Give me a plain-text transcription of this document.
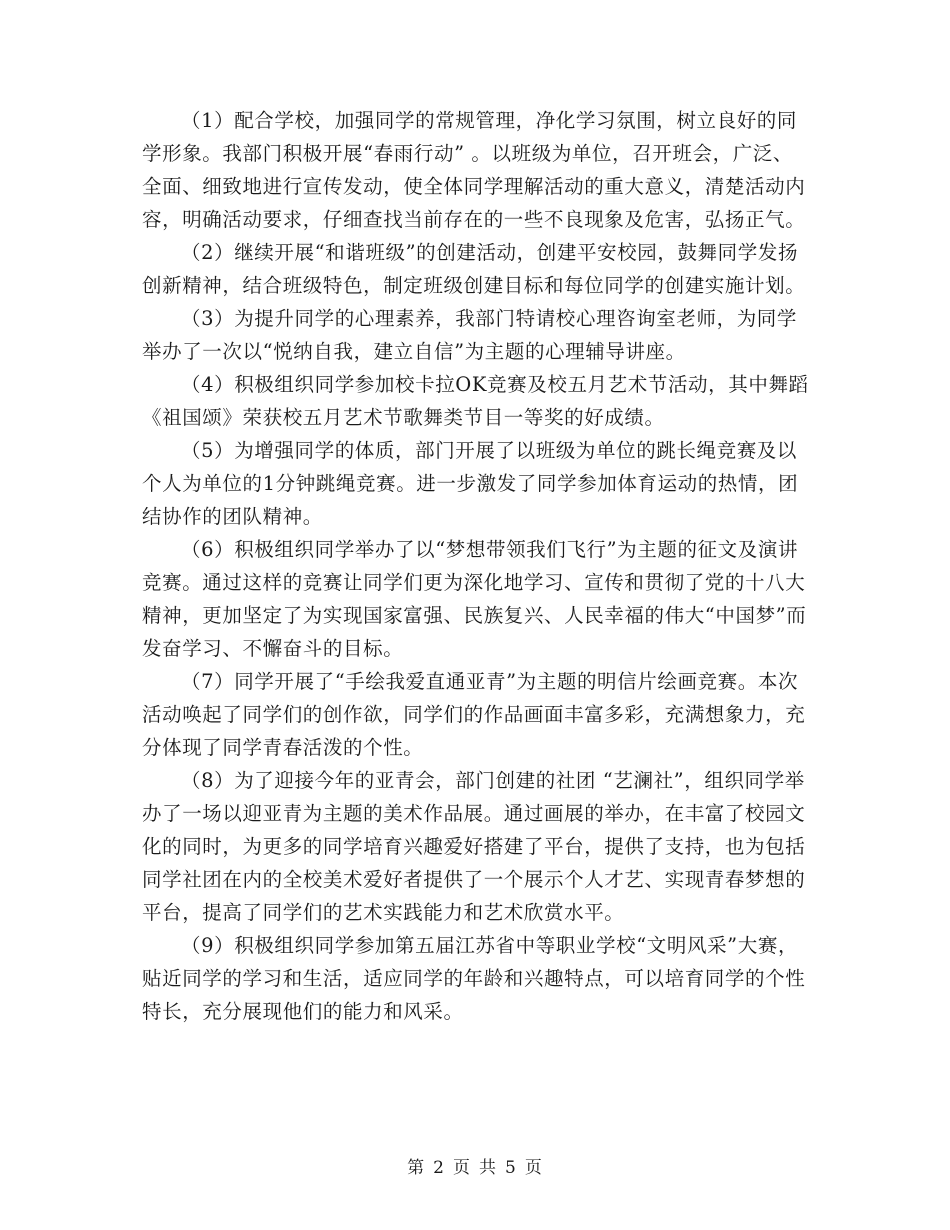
（1）配合学校，加强同学的常规管理，净化学习氛围，树立良好的同学形象。我部门积极开展“春雨行动” 。以班级为单位，召开班会，广泛、全面、细致地进行宣传发动，使全体同学理解活动的重大意义，清楚活动内容，明确活动要求，仔细查找当前存在的一些不良现象及危害，弘扬正气。

（2）继续开展“和谐班级”的创建活动，创建平安校园，鼓舞同学发扬创新精神，结合班级特色，制定班级创建目标和每位同学的创建实施计划。

（3）为提升同学的心理素养，我部门特请校心理咨询室老师，为同学举办了一次以“悦纳自我，建立自信”为主题的心理辅导讲座。

（4）积极组织同学参加校卡拉OK竞赛及校五月艺术节活动，其中舞蹈《祖国颂》荣获校五月艺术节歌舞类节目一等奖的好成绩。

（5）为增强同学的体质，部门开展了以班级为单位的跳长绳竞赛及以个人为单位的1分钟跳绳竞赛。进一步激发了同学参加体育运动的热情，团结协作的团队精神。

（6）积极组织同学举办了以“梦想带领我们飞行”为主题的征文及演讲竞赛。通过这样的竞赛让同学们更为深化地学习、宣传和贯彻了党的十八大精神，更加坚定了为实现国家富强、民族复兴、人民幸福的伟大“中国梦”而发奋学习、不懈奋斗的目标。

（7）同学开展了“手绘我爱直通亚青”为主题的明信片绘画竞赛。本次活动唤起了同学们的创作欲，同学们的作品画面丰富多彩，充满想象力，充分体现了同学青春活泼的个性。

（8）为了迎接今年的亚青会，部门创建的社团 “艺澜社”，组织同学举办了一场以迎亚青为主题的美术作品展。通过画展的举办，在丰富了校园文化的同时，为更多的同学培育兴趣爱好搭建了平台，提供了支持，也为包括同学社团在内的全校美术爱好者提供了一个展示个人才艺、实现青春梦想的平台，提高了同学们的艺术实践能力和艺术欣赏水平。

（9）积极组织同学参加第五届江苏省中等职业学校“文明风采”大赛，贴近同学的学习和生活，适应同学的年龄和兴趣特点，可以培育同学的个性特长，充分展现他们的能力和风采。

第 2 页 共 5 页
